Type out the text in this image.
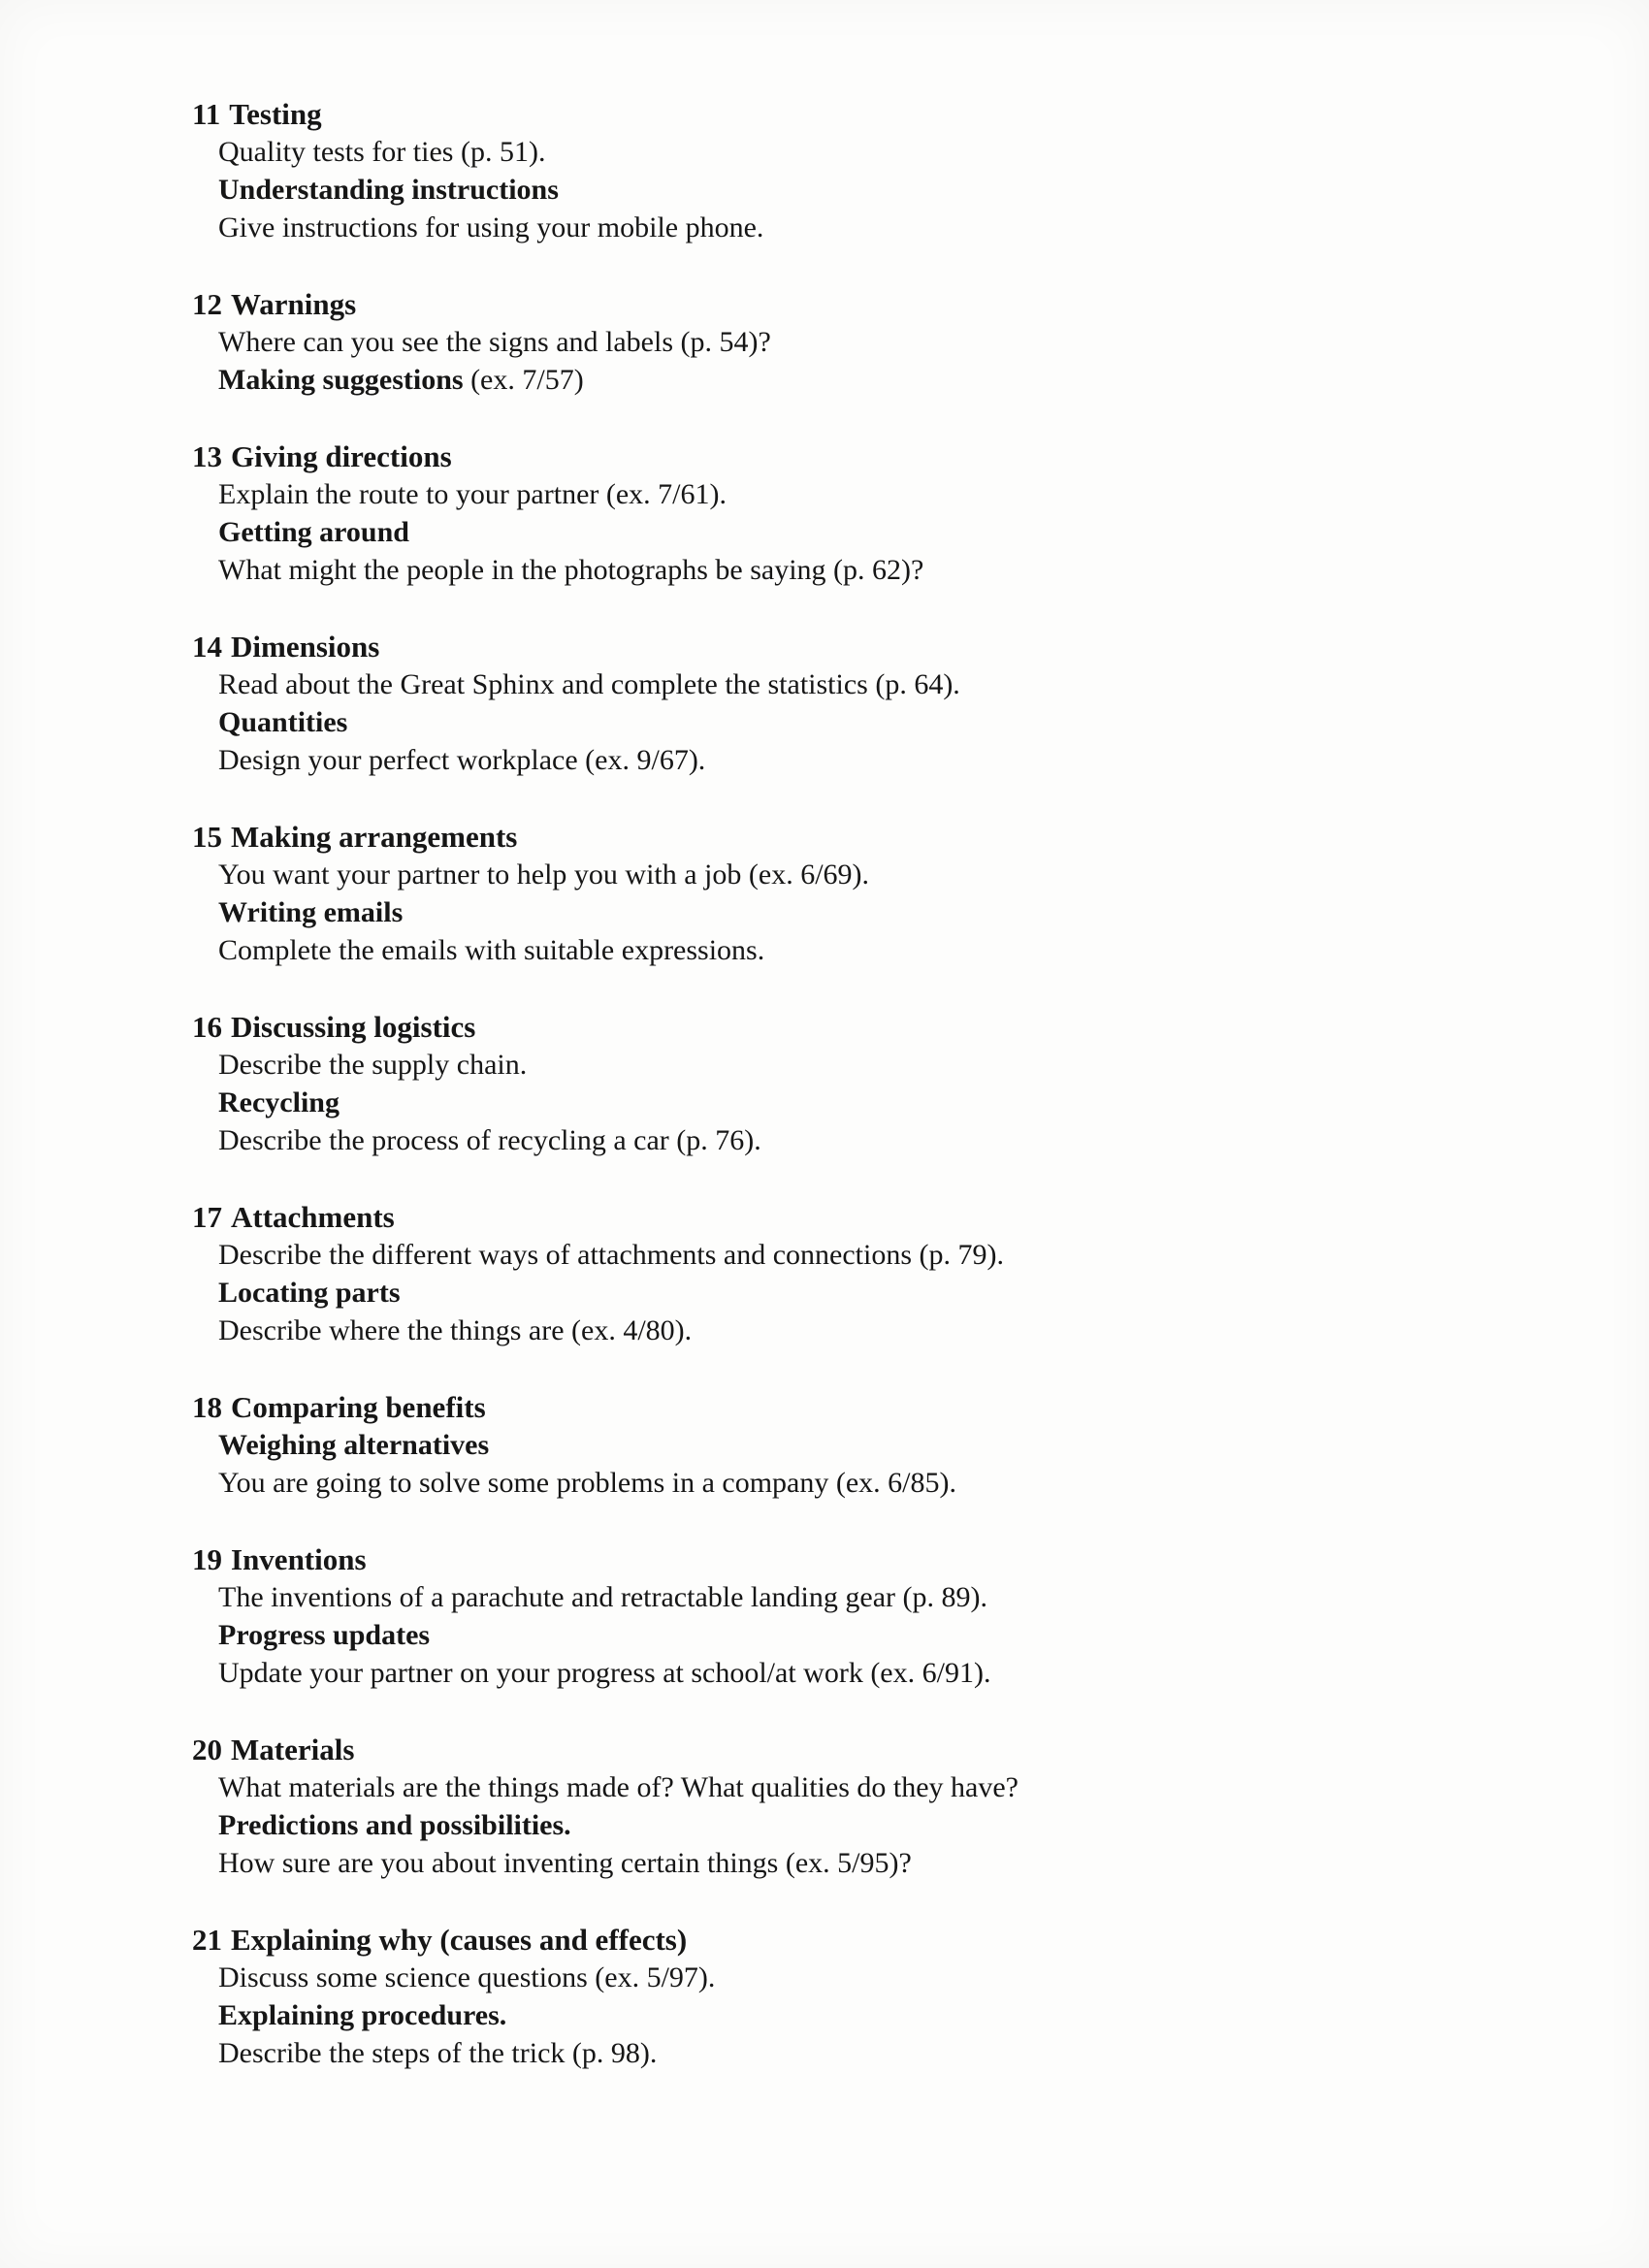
11 Testing
Quality tests for ties (p. 51).
Understanding instructions
Give instructions for using your mobile phone.
12 Warnings
Where can you see the signs and labels (p. 54)?
Making suggestions (ex. 7/57)
13 Giving directions
Explain the route to your partner (ex. 7/61).
Getting around
What might the people in the photographs be saying (p. 62)?
14 Dimensions
Read about the Great Sphinx and complete the statistics (p. 64).
Quantities
Design your perfect workplace (ex. 9/67).
15 Making arrangements
You want your partner to help you with a job (ex. 6/69).
Writing emails
Complete the emails with suitable expressions.
16 Discussing logistics
Describe the supply chain.
Recycling
Describe the process of recycling a car (p. 76).
17 Attachments
Describe the different ways of attachments and connections (p. 79).
Locating parts
Describe where the things are (ex. 4/80).
18 Comparing benefits
Weighing alternatives
You are going to solve some problems in a company (ex. 6/85).
19 Inventions
The inventions of a parachute and retractable landing gear (p. 89).
Progress updates
Update your partner on your progress at school/at work (ex. 6/91).
20 Materials
What materials are the things made of? What qualities do they have?
Predictions and possibilities.
How sure are you about inventing certain things (ex. 5/95)?
21 Explaining why (causes and effects)
Discuss some science questions (ex. 5/97).
Explaining procedures.
Describe the steps of the trick (p. 98).
